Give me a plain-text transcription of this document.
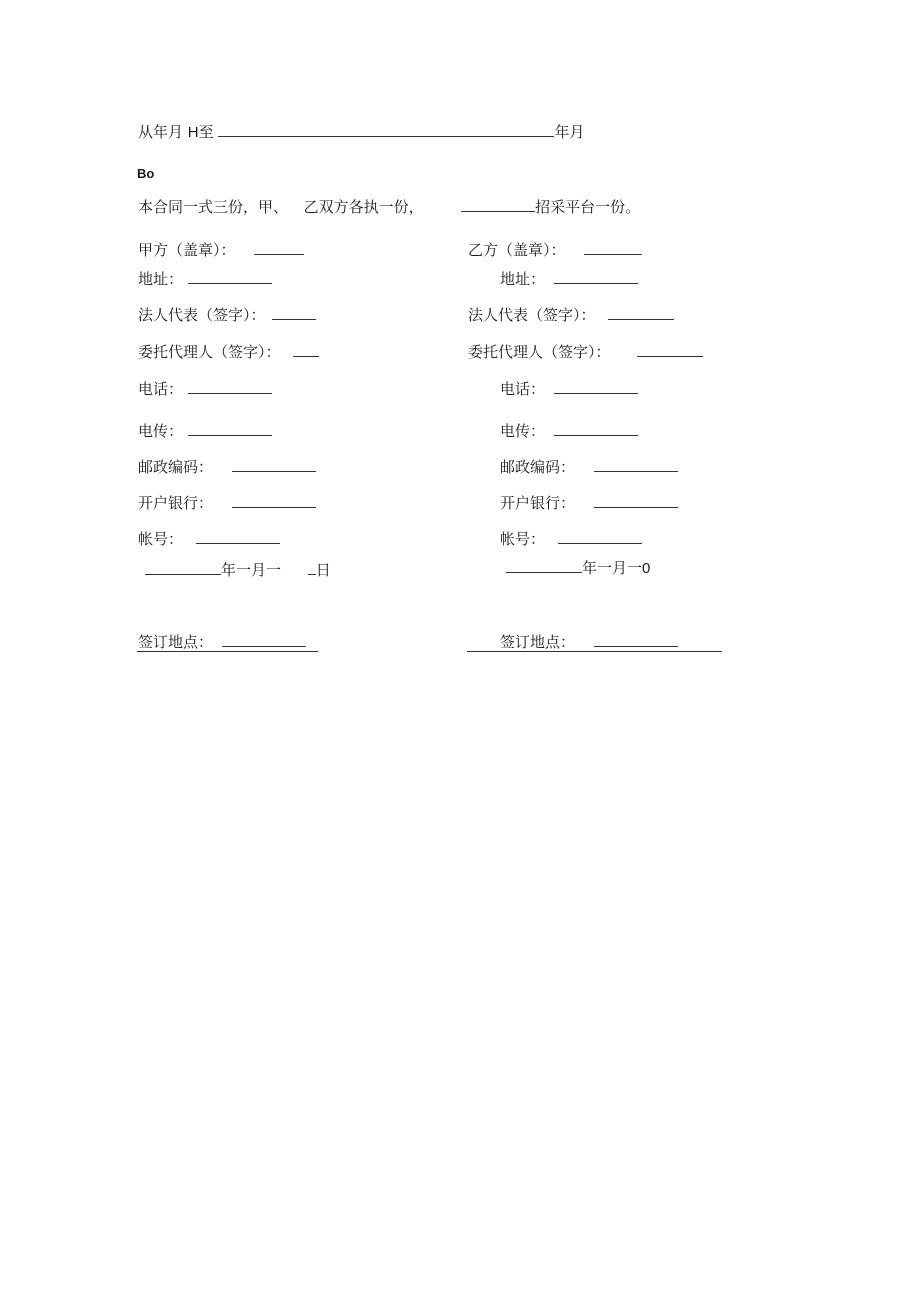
从年月 H至	年月
Bo
本合同一式三份，甲、 乙双方各执一份，	招采平台一份。
甲方（盖章）：
地址：
法人代表（签字）：
委托代理人（签字）：
电话：
电传：
邮政编码：
开户银行：
帐号：
年一月一 日
签订地点：
乙方（盖章）：
地址：
法人代表（签字）：
委托代理人（签字）：
电话：
电传：
邮政编码：
开户银行：
帐号：
年一月一0
签订地点：
